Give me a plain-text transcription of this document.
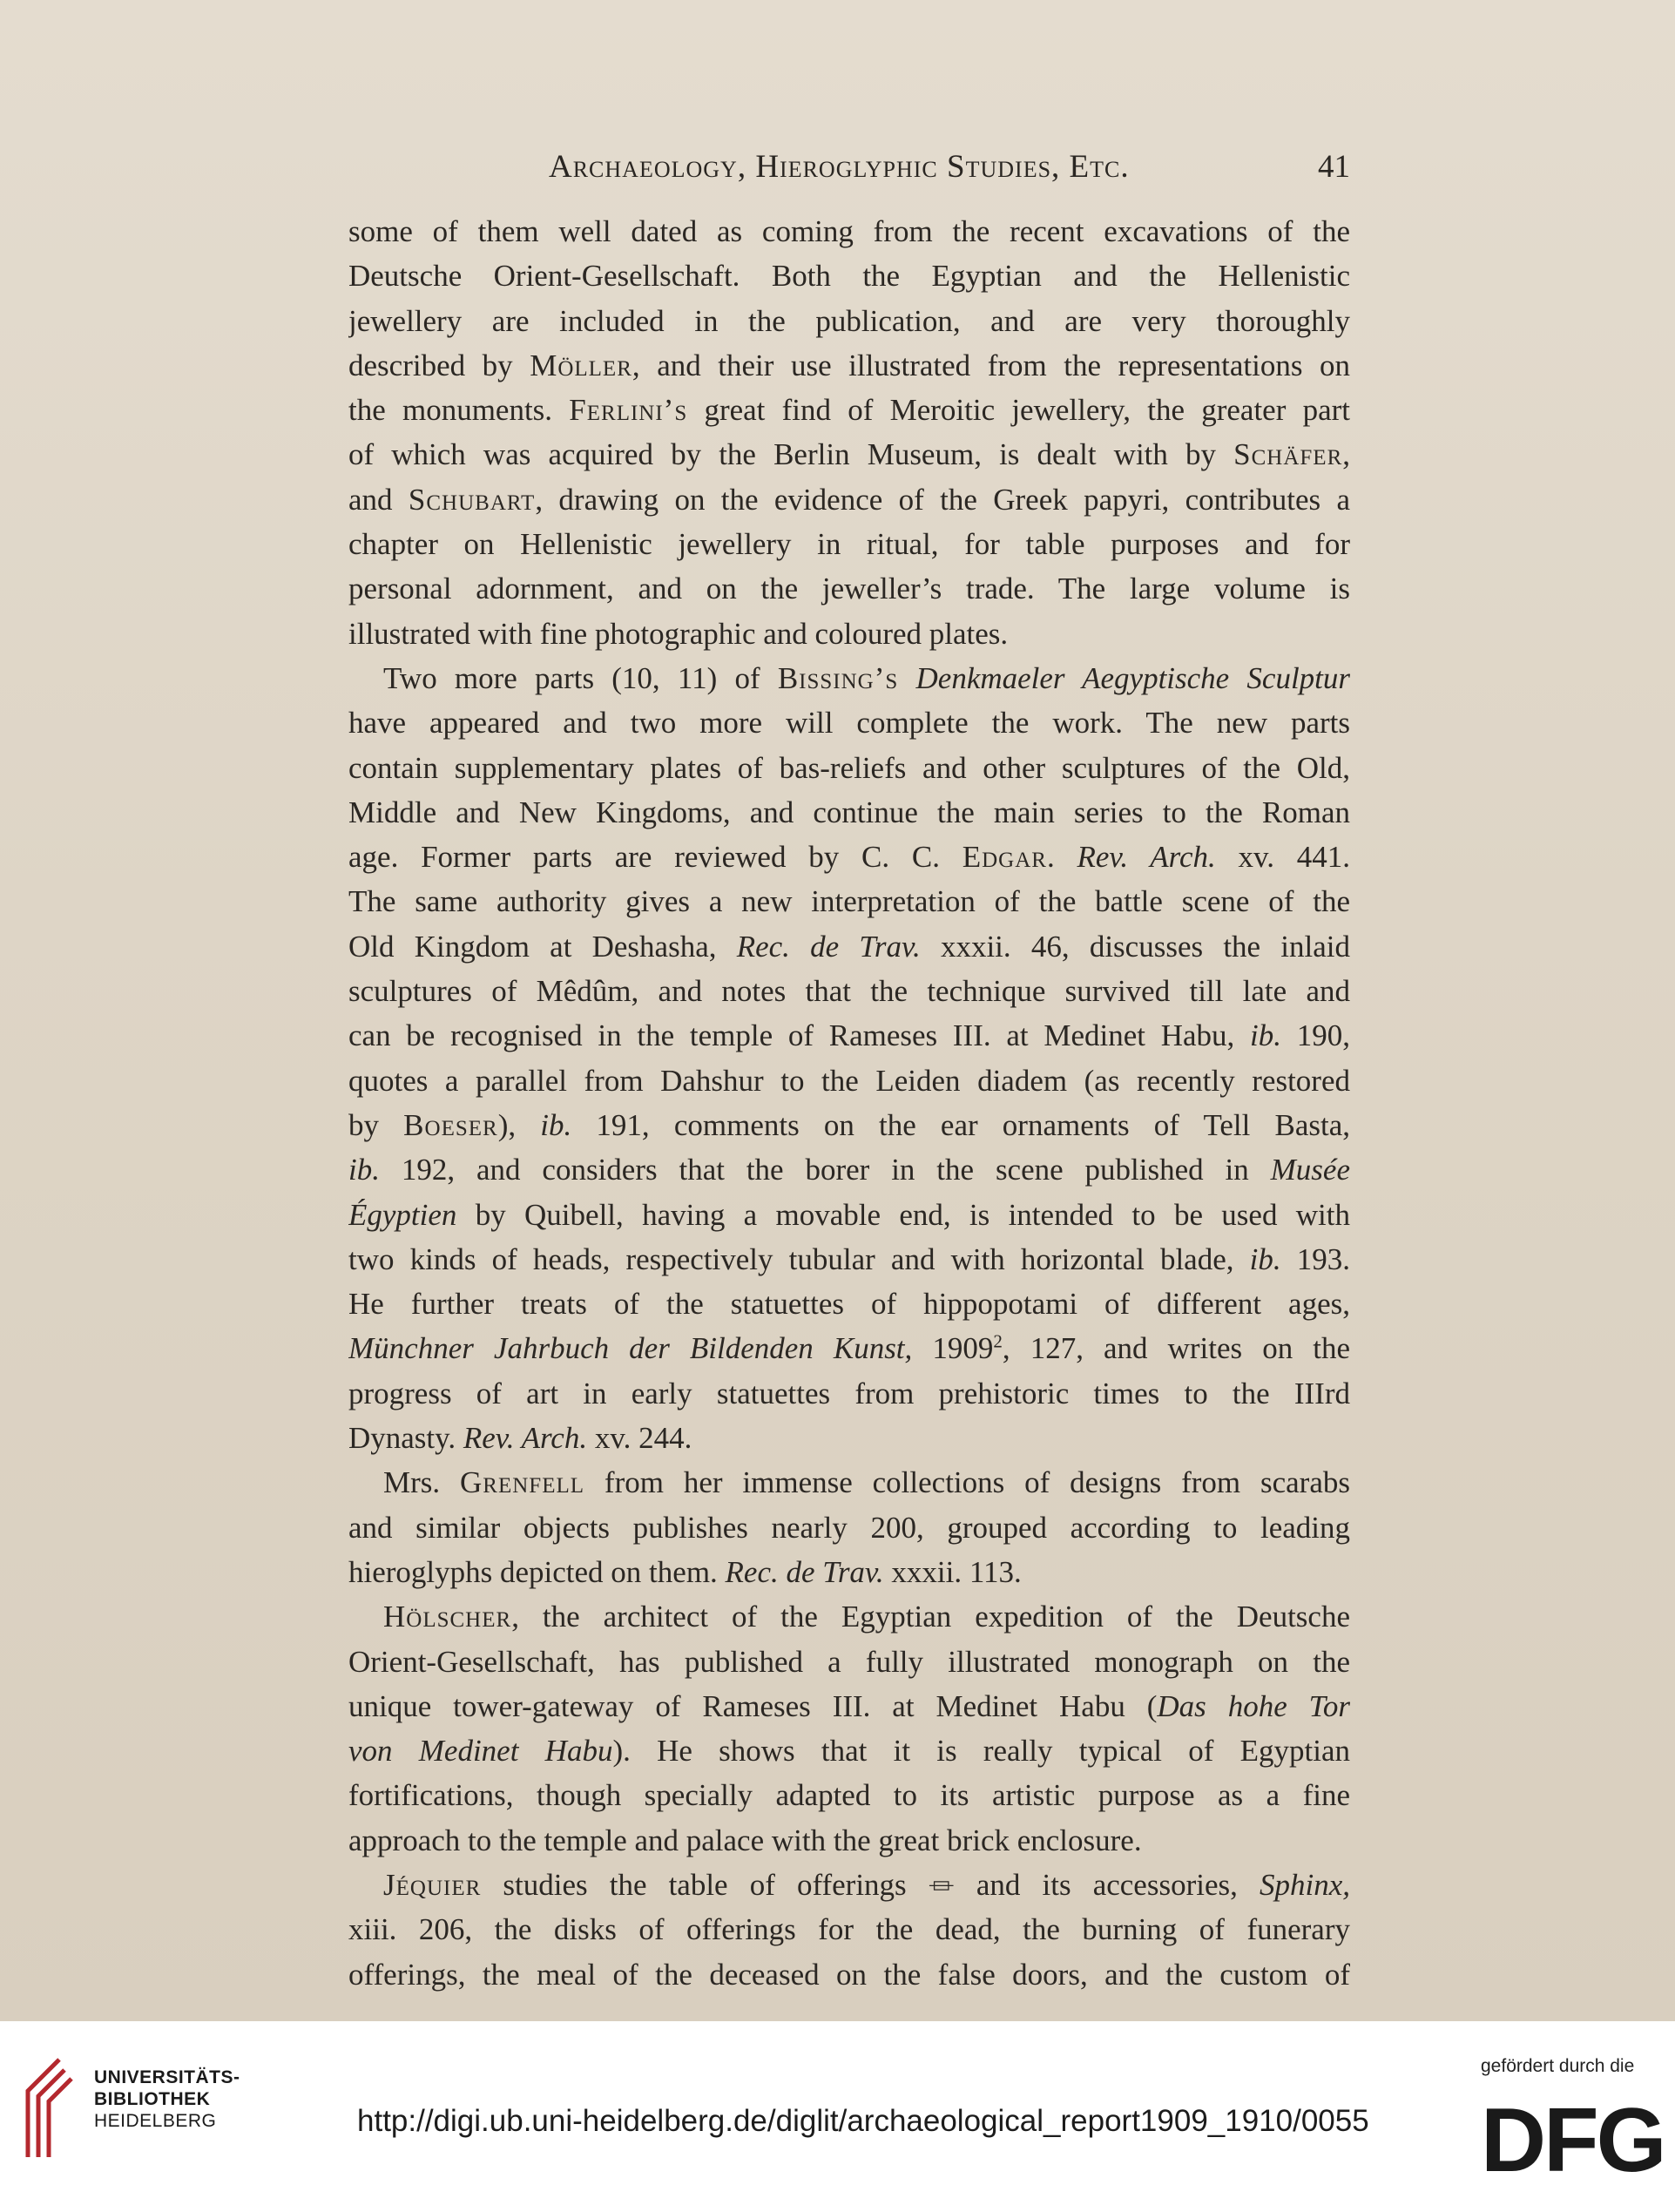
Archaeology, Hieroglyphic Studies, Etc.	41
some of them well dated as coming from the recent excavations of the
Deutsche Orient-Gesellschaft. Both the Egyptian and the Hellenistic
jewellery are included in the publication, and are very thoroughly
described by Möller, and their use illustrated from the representations on
the monuments. Ferlini’s great find of Meroitic jewellery, the greater part
of which was acquired by the Berlin Museum, is dealt with by Schäfer,
and Schubart, drawing on the evidence of the Greek papyri, contributes a
chapter on Hellenistic jewellery in ritual, for table purposes and for
personal adornment, and on the jeweller’s trade. The large volume is
illustrated with fine photographic and coloured plates.
Two more parts (10, 11) of Bissing’s Denkmaeler Aegyptische Sculptur
have appeared and two more will complete the work. The new parts
contain supplementary plates of bas-reliefs and other sculptures of the Old,
Middle and New Kingdoms, and continue the main series to the Roman
age. Former parts are reviewed by C. C. Edgar. Rev. Arch. xv. 441.
The same authority gives a new interpretation of the battle scene of the
Old Kingdom at Deshasha, Rec. de Trav. xxxii. 46, discusses the inlaid
sculptures of Mêdûm, and notes that the technique survived till late and
can be recognised in the temple of Rameses III. at Medinet Habu, ib. 190,
quotes a parallel from Dahshur to the Leiden diadem (as recently restored
by Boeser), ib. 191, comments on the ear ornaments of Tell Basta,
ib. 192, and considers that the borer in the scene published in Musée
Égyptien by Quibell, having a movable end, is intended to be used with
two kinds of heads, respectively tubular and with horizontal blade, ib. 193.
He further treats of the statuettes of hippopotami of different ages,
Münchner Jahrbuch der Bildenden Kunst, 1909$^2$, 127, and writes on the
progress of art in early statuettes from prehistoric times to the IIIrd
Dynasty. Rev. Arch. xv. 244.
Mrs. Grenfell from her immense collections of designs from scarabs
and similar objects publishes nearly 200, grouped according to leading
hieroglyphs depicted on them. Rec. de Trav. xxxii. 113.
Hölscher, the architect of the Egyptian expedition of the Deutsche
Orient-Gesellschaft, has published a fully illustrated monograph on the
unique tower-gateway of Rameses III. at Medinet Habu (Das hohe Tor
von Medinet Habu). He shows that it is really typical of Egyptian
fortifications, though specially adapted to its artistic purpose as a fine
approach to the temple and palace with the great brick enclosure.
Jéquier studies the table of offerings ⏛ and its accessories, Sphinx,
xiii. 206, the disks of offerings for the dead, the burning of funerary
offerings, the meal of the deceased on the false doors, and the custom of
UNIVERSITÄTS-
BIBLIOTHEK
HEIDELBERG	http://digi.ub.uni-heidelberg.de/diglit/archaeological_report1909_1910/0055
gefördert durch die
DFG
